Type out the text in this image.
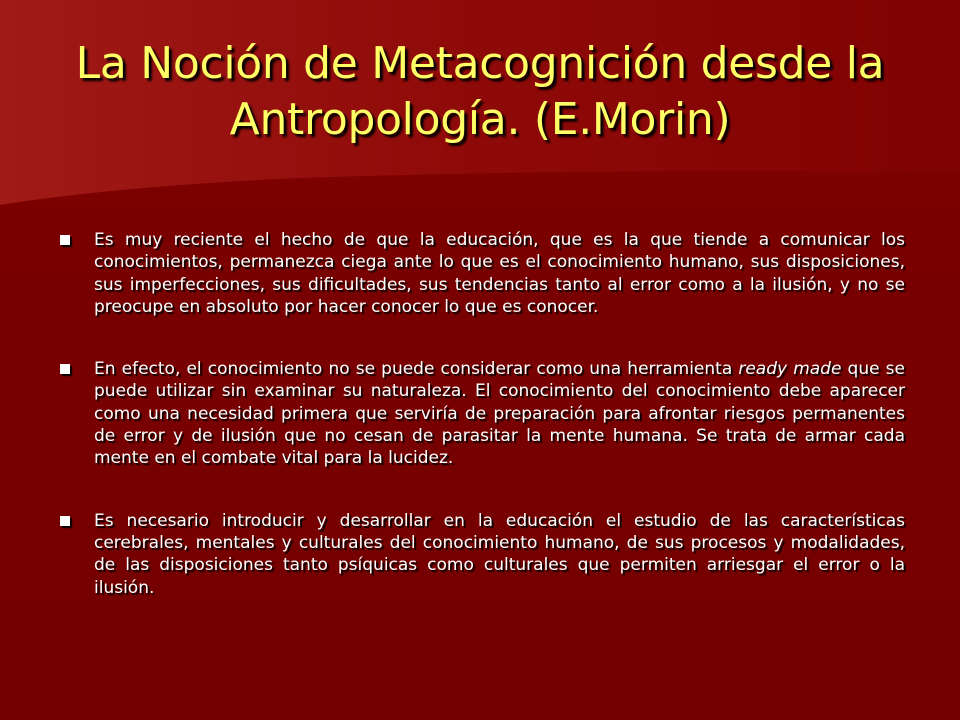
La Noción de Metacognición desde la Antropología. (E.Morin)
Es muy reciente el hecho de que la educación, que es la que tiende a comunicar los conocimientos, permanezca ciega ante lo que es el conocimiento humano, sus disposiciones, sus imperfecciones, sus dificultades, sus tendencias tanto al error como a la ilusión, y no se preocupe en absoluto por hacer conocer lo que es conocer.
En efecto, el conocimiento no se puede considerar como una herramienta ready made que se puede utilizar sin examinar su naturaleza. El conocimiento del conocimiento debe aparecer como una necesidad primera que serviría de preparación para afrontar riesgos permanentes de error y de ilusión que no cesan de parasitar la mente humana. Se trata de armar cada mente en el combate vital para la lucidez.
Es necesario introducir y desarrollar en la educación el estudio de las características cerebrales, mentales y culturales del conocimiento humano, de sus procesos y modalidades, de las disposiciones tanto psíquicas como culturales que permiten arriesgar el error o la ilusión.
